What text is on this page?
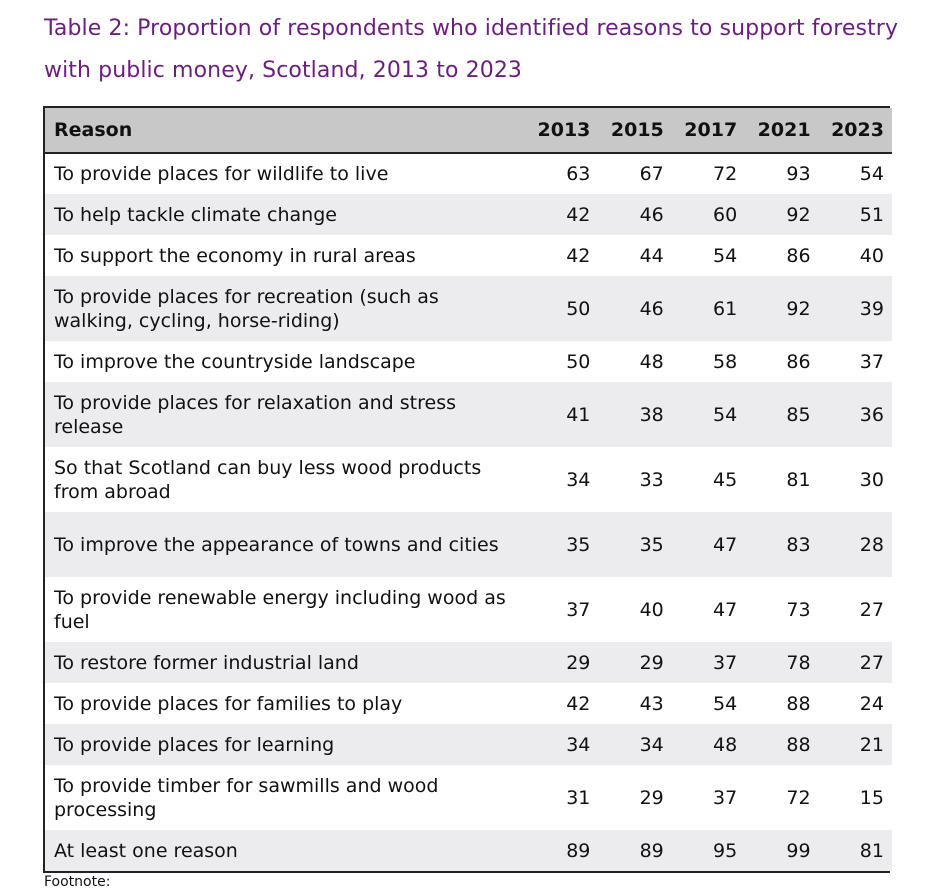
Table 2: Proportion of respondents who identified reasons to support forestry with public money, Scotland, 2013 to 2023
Reason	2013	2015	2017	2021	2023
To provide places for wildlife to live	63	67	72	93	54
To help tackle climate change	42	46	60	92	51
To support the economy in rural areas	42	44	54	86	40
To provide places for recreation (such as walking, cycling, horse-riding)	50	46	61	92	39
To improve the countryside landscape	50	48	58	86	37
To provide places for relaxation and stress release	41	38	54	85	36
So that Scotland can buy less wood products from abroad	34	33	45	81	30
To improve the appearance of towns and cities	35	35	47	83	28
To provide renewable energy including wood as fuel	37	40	47	73	27
To restore former industrial land	29	29	37	78	27
To provide places for families to play	42	43	54	88	24
To provide places for learning	34	34	48	88	21
To provide timber for sawmills and wood processing	31	29	37	72	15
At least one reason	89	89	95	99	81
Footnote:
